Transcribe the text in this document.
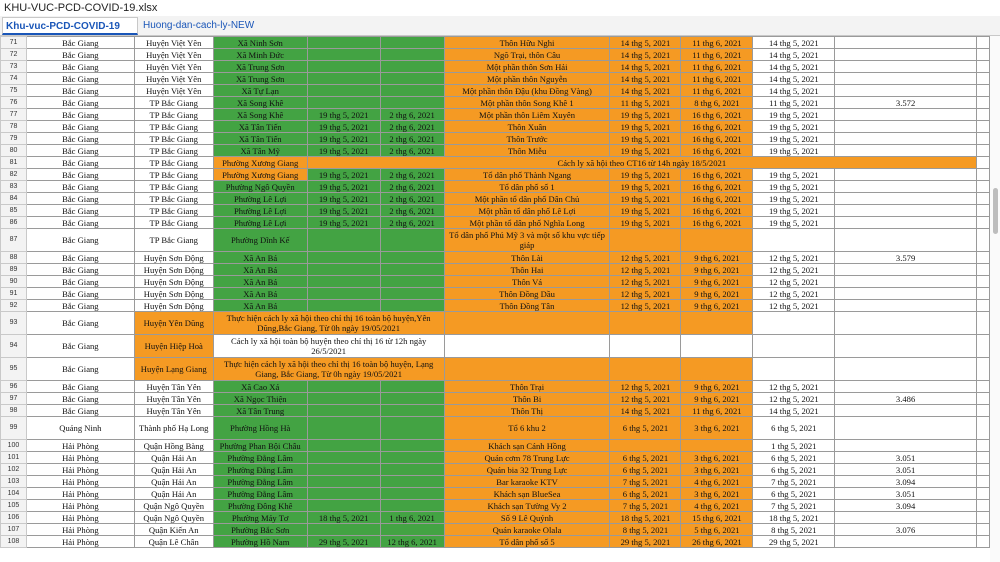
KHU-VUC-PCD-COVID-19.xlsx
Khu-vuc-PCD-COVID-19	Huong-dan-cach-ly-NEW
71	Bắc Giang	Huyện Việt Yên	Xã Ninh Sơn			Thôn Hữu Nghi	14 thg 5, 2021	11 thg 6, 2021	14 thg 5, 2021		
72	Bắc Giang	Huyện Việt Yên	Xã Minh Đức			Ngõ Trại, thôn Câu	14 thg 5, 2021	11 thg 6, 2021	14 thg 5, 2021		
73	Bắc Giang	Huyện Việt Yên	Xã Trung Sơn			Một phần thôn Sơn Hải	14 thg 5, 2021	11 thg 6, 2021	14 thg 5, 2021		
74	Bắc Giang	Huyện Việt Yên	Xã Trung Sơn			Một phần thôn Nguyễn	14 thg 5, 2021	11 thg 6, 2021	14 thg 5, 2021		
75	Bắc Giang	Huyện Việt Yên	Xã Tự Lạn			Một phần thôn Đậu (khu Đồng Vàng)	14 thg 5, 2021	11 thg 6, 2021	14 thg 5, 2021		
76	Bắc Giang	TP Bắc Giang	Xã Song Khê			Một phần thôn Song Khê 1	11 thg 5, 2021	8 thg 6, 2021	11 thg 5, 2021	3.572	
77	Bắc Giang	TP Bắc Giang	Xã Song Khê	19 thg 5, 2021	2 thg 6, 2021	Một phần thôn Liêm Xuyên	19 thg 5, 2021	16 thg 6, 2021	19 thg 5, 2021		
78	Bắc Giang	TP Bắc Giang	Xã Tân Tiến	19 thg 5, 2021	2 thg 6, 2021	Thôn Xuân	19 thg 5, 2021	16 thg 6, 2021	19 thg 5, 2021		
79	Bắc Giang	TP Bắc Giang	Xã Tân Tiến	19 thg 5, 2021	2 thg 6, 2021	Thôn Trước	19 thg 5, 2021	16 thg 6, 2021	19 thg 5, 2021		
80	Bắc Giang	TP Bắc Giang	Xã Tân Mỹ	19 thg 5, 2021	2 thg 6, 2021	Thôn Miễu	19 thg 5, 2021	16 thg 6, 2021	19 thg 5, 2021		
81	Bắc Giang	TP Bắc Giang	Phường Xương Giang	Cách ly xã hội theo CT16 từ 14h ngày 18/5/2021							
82	Bắc Giang	TP Bắc Giang	Phường Xương Giang	19 thg 5, 2021	2 thg 6, 2021	Tổ dân phố Thành Ngang	19 thg 5, 2021	16 thg 6, 2021	19 thg 5, 2021		
83	Bắc Giang	TP Bắc Giang	Phường Ngô Quyền	19 thg 5, 2021	2 thg 6, 2021	Tổ dân phố số 1	19 thg 5, 2021	16 thg 6, 2021	19 thg 5, 2021		
84	Bắc Giang	TP Bắc Giang	Phường Lê Lợi	19 thg 5, 2021	2 thg 6, 2021	Một phần tổ dân phố Dân Chủ	19 thg 5, 2021	16 thg 6, 2021	19 thg 5, 2021		
85	Bắc Giang	TP Bắc Giang	Phường Lê Lợi	19 thg 5, 2021	2 thg 6, 2021	Một phần tổ dân phố Lê Lợi	19 thg 5, 2021	16 thg 6, 2021	19 thg 5, 2021		
86	Bắc Giang	TP Bắc Giang	Phường Lê Lợi	19 thg 5, 2021	2 thg 6, 2021	Một phần tổ dân phố Nghĩa Long	19 thg 5, 2021	16 thg 6, 2021	19 thg 5, 2021		
87	Bắc Giang	TP Bắc Giang	Phường Dĩnh Kế			Tổ dân phố Phú Mỹ 3 và một số khu vực tiếp giáp					
88	Bắc Giang	Huyện Sơn Động	Xã An Bá			Thôn Lài	12 thg 5, 2021	9 thg 6, 2021	12 thg 5, 2021	3.579	
89	Bắc Giang	Huyện Sơn Động	Xã An Bá			Thôn Hai	12 thg 5, 2021	9 thg 6, 2021	12 thg 5, 2021		
90	Bắc Giang	Huyện Sơn Động	Xã An Bá			Thôn Vá	12 thg 5, 2021	9 thg 6, 2021	12 thg 5, 2021		
91	Bắc Giang	Huyện Sơn Động	Xã An Bá			Thôn Đồng Dầu	12 thg 5, 2021	9 thg 6, 2021	12 thg 5, 2021		
92	Bắc Giang	Huyện Sơn Động	Xã An Bá			Thôn Đồng Tân	12 thg 5, 2021	9 thg 6, 2021	12 thg 5, 2021		
93	Bắc Giang	Huyện Yên Dũng	Thực hiện cách ly xã hội theo chỉ thị 16 toàn bộ huyện,Yên Dũng,Bắc Giang, Từ 0h ngày 19/05/2021								
94	Bắc Giang	Huyện Hiệp Hoà	Cách ly xã hội toàn bộ huyện theo chỉ thị 16 từ 12h ngày 26/5/2021								
95	Bắc Giang	Huyện Lạng Giang	Thực hiện cách ly xã hội theo chỉ thị 16 toàn bộ huyện, Lạng Giang, Bắc Giang, Từ 0h ngày 19/05/2021								
96	Bắc Giang	Huyện Tân Yên	Xã Cao Xá			Thôn Trại	12 thg 5, 2021	9 thg 6, 2021	12 thg 5, 2021		
97	Bắc Giang	Huyện Tân Yên	Xã Ngọc Thiện			Thôn Bi	12 thg 5, 2021	9 thg 6, 2021	12 thg 5, 2021	3.486	
98	Bắc Giang	Huyện Tân Yên	Xã Tân Trung			Thôn Thị	14 thg 5, 2021	11 thg 6, 2021	14 thg 5, 2021		
99	Quảng Ninh	Thành phố Hạ Long	Phường Hồng Hà			Tổ 6 khu 2	6 thg 5, 2021	3 thg 6, 2021	6 thg 5, 2021		
100	Hải Phòng	Quận Hồng Bàng	Phường Phan Bội Châu			Khách sạn Cánh Hồng			1 thg 5, 2021		
101	Hải Phòng	Quận Hải An	Phường Đằng Lâm			Quán cơm 78 Trung Lực	6 thg 5, 2021	3 thg 6, 2021	6 thg 5, 2021	3.051	
102	Hải Phòng	Quận Hải An	Phường Đằng Lâm			Quán bia 32 Trung Lực	6 thg 5, 2021	3 thg 6, 2021	6 thg 5, 2021	3.051	
103	Hải Phòng	Quận Hải An	Phường Đằng Lâm			Bar karaoke KTV	7 thg 5, 2021	4 thg 6, 2021	7 thg 5, 2021	3.094	
104	Hải Phòng	Quận Hải An	Phường Đằng Lâm			Khách sạn BlueSea	6 thg 5, 2021	3 thg 6, 2021	6 thg 5, 2021	3.051	
105	Hải Phòng	Quận Ngô Quyền	Phường Đông Khê			Khách sạn Tường Vy 2	7 thg 5, 2021	4 thg 6, 2021	7 thg 5, 2021	3.094	
106	Hải Phòng	Quận Ngô Quyền	Phường Máy Tơ	18 thg 5, 2021	1 thg 6, 2021	Số 9 Lê Quýnh	18 thg 5, 2021	15 thg 6, 2021	18 thg 5, 2021		
107	Hải Phòng	Quận Kiến An	Phường Bắc Sơn			Quán karaoke Olala	8 thg 5, 2021	5 thg 6, 2021	8 thg 5, 2021	3.076	
108	Hải Phòng	Quận Lê Chân	Phường Hồ Nam	29 thg 5, 2021	12 thg 6, 2021	Tổ dân phố số 5	29 thg 5, 2021	26 thg 6, 2021	29 thg 5, 2021		
